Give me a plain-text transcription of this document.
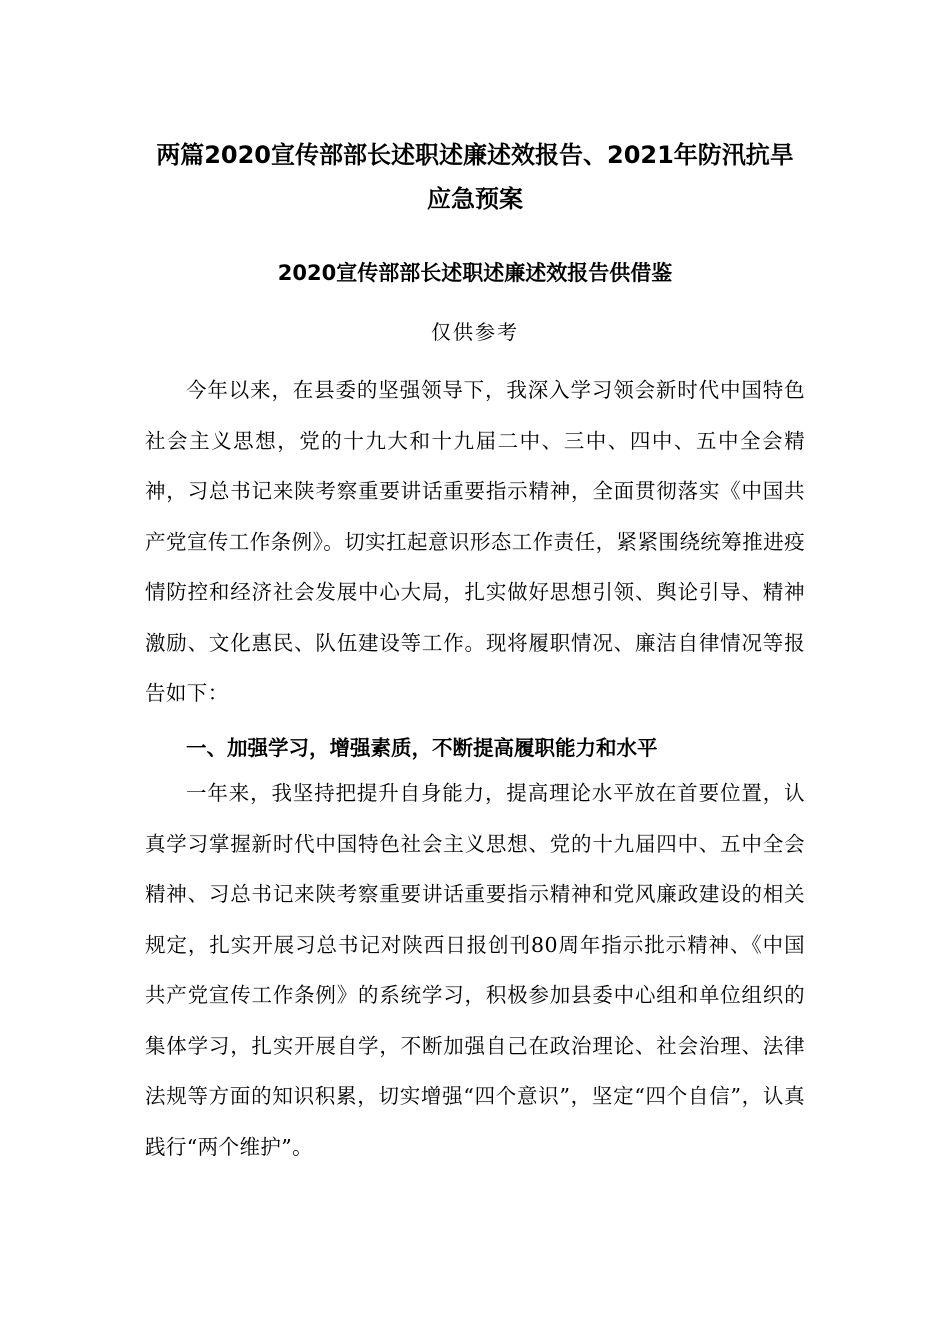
两篇2020宣传部部长述职述廉述效报告、2021年防汛抗旱应急预案
2020宣传部部长述职述廉述效报告供借鉴

仅供参考

今年以来，在县委的坚强领导下，我深入学习领会新时代中国特色社会主义思想，党的十九大和十九届二中、三中、四中、五中全会精神，习总书记来陕考察重要讲话重要指示精神，全面贯彻落实《中国共产党宣传工作条例》。切实扛起意识形态工作责任，紧紧围绕统筹推进疫情防控和经济社会发展中心大局，扎实做好思想引领、舆论引导、精神激励、文化惠民、队伍建设等工作。现将履职情况、廉洁自律情况等报告如下：

一、加强学习，增强素质，不断提高履职能力和水平

一年来，我坚持把提升自身能力，提高理论水平放在首要位置，认真学习掌握新时代中国特色社会主义思想、党的十九届四中、五中全会精神、习总书记来陕考察重要讲话重要指示精神和党风廉政建设的相关规定，扎实开展习总书记对陕西日报创刊80周年指示批示精神、《中国共产党宣传工作条例》的系统学习，积极参加县委中心组和单位组织的集体学习，扎实开展自学，不断加强自己在政治理论、社会治理、法律法规等方面的知识积累，切实增强“四个意识”，坚定“四个自信”，认真践行“两个维护”。
